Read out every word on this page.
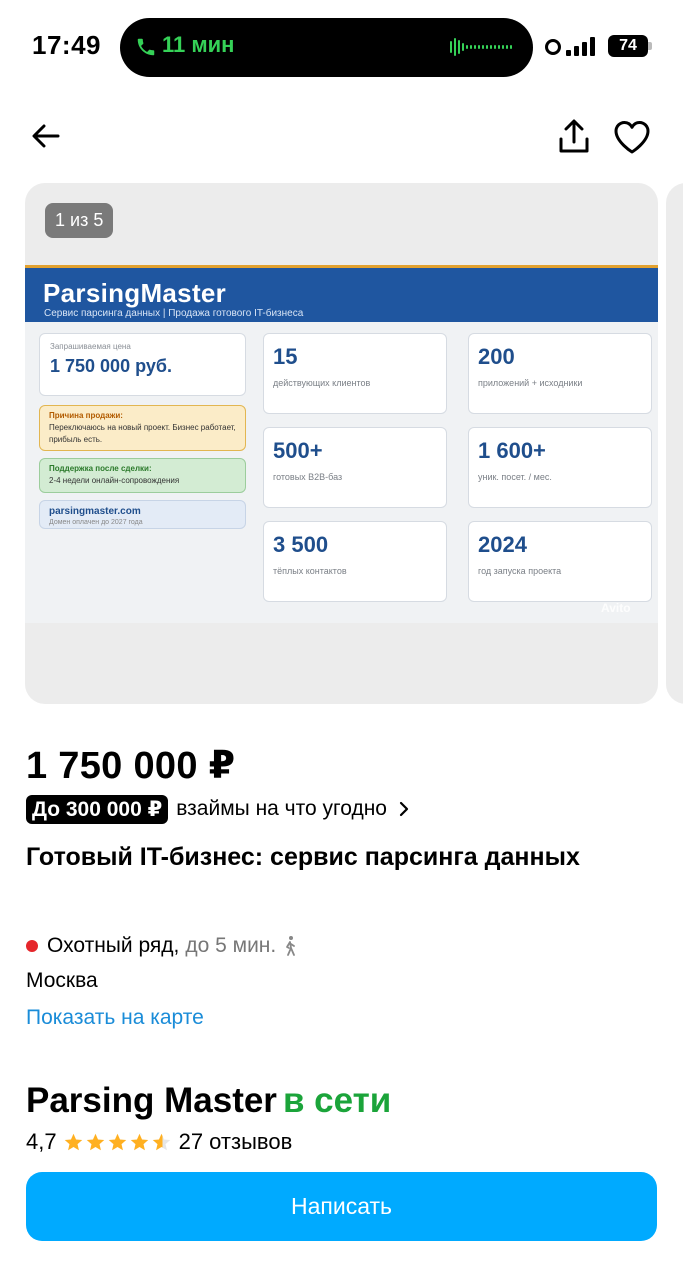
17:49	11 мин	74
1 из 5
ParsingMaster
Сервис парсинга данных | Продажа готового IT-бизнеса
Запрашиваемая цена
1 750 000 руб.
Причина продажи:
Переключаюсь на новый проект. Бизнес работает, прибыль есть.
Поддержка после сделки:
2-4 недели онлайн-сопровождения
parsingmaster.com
Домен оплачен до 2027 года
15
действующих клиентов
200
приложений + исходники
500+
готовых B2B-баз
1 600+
уник. посет. / мес.
3 500
тёплых контактов
2024
год запуска проекта
Avito
1 750 000 ₽
До 300 000 ₽ взаймы на что угодно
Готовый IT-бизнес: сервис парсинга данных
Охотный ряд, до 5 мин.
Москва
Показать на карте
Parsing Master в сети
4,7	27 отзывов
Написать
